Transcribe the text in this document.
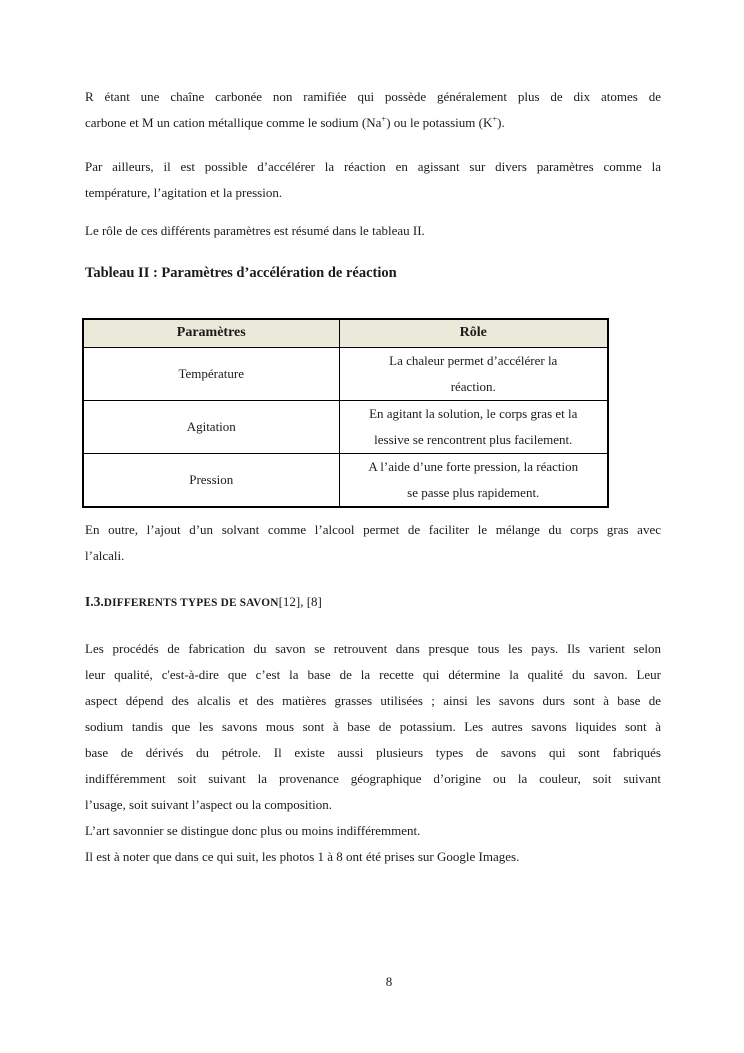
R étant une chaîne carbonée non ramifiée qui possède généralement plus de dix atomes de
carbone et M un cation métallique comme le sodium (Na+) ou le potassium (K+).
Par ailleurs, il est possible d’accélérer la réaction en agissant sur divers paramètres comme la
température, l’agitation et la pression.
Le rôle de ces différents paramètres est résumé dans le tableau II.
Tableau II : Paramètres d’accélération de réaction
Paramètres	Rôle
Température	La chaleur permet d’accélérer la
réaction.

Agitation	En agitant la solution, le corps gras et la
lessive se rencontrent plus facilement.

Pression	A l’aide d’une forte pression, la réaction
se passe plus rapidement.
En outre, l’ajout d’un solvant comme l’alcool permet de faciliter le mélange du corps gras avec
l’alcali.
I.3.DIFFERENTS TYPES DE SAVON[12], [8]
Les procédés de fabrication du savon se retrouvent dans presque tous les pays. Ils varient selon
leur qualité, c'est-à-dire que c’est la base de la recette qui détermine la qualité du savon. Leur
aspect dépend des alcalis et des matières grasses utilisées ; ainsi les savons durs sont à base de
sodium tandis que les savons mous sont à base de potassium. Les autres savons liquides sont à
base de dérivés du pétrole. Il existe aussi plusieurs types de savons qui sont fabriqués
indifféremment soit suivant la provenance géographique d’origine ou la couleur, soit suivant
l’usage, soit suivant l’aspect ou la composition.
L’art savonnier se distingue donc plus ou moins indifféremment.
Il est à noter que dans ce qui suit, les photos 1 à 8 ont été prises sur Google Images.
8
